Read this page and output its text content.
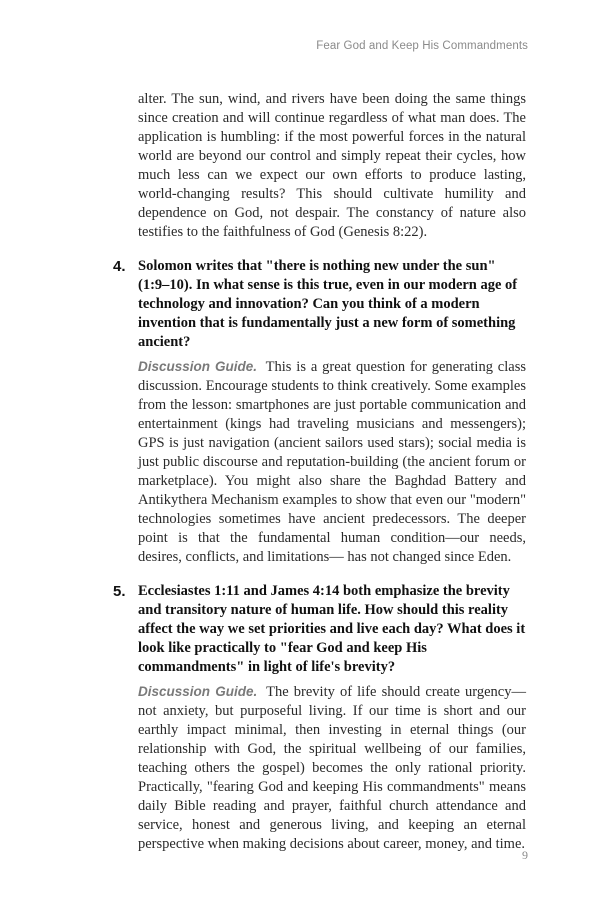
Fear God and Keep His Commandments

alter. The sun, wind, and rivers have been doing the same things since creation and will continue regardless of what man does. The application is humbling: if the most powerful forces in the natural world are beyond our control and simply repeat their cycles, how much less can we expect our own efforts to produce lasting, world-changing results? This should cultivate humility and dependence on God, not despair. The constancy of nature also testifies to the faithfulness of God (Genesis 8:22).

4. Solomon writes that "there is nothing new under the sun" (1:9–10). In what sense is this true, even in our modern age of technology and innovation? Can you think of a modern invention that is fundamentally just a new form of something ancient?

Discussion Guide. This is a great question for generating class discussion. Encourage students to think creatively. Some examples from the lesson: smartphones are just portable communication and entertainment (kings had traveling musicians and messengers); GPS is just navigation (ancient sailors used stars); social media is just public discourse and reputation-building (the ancient forum or marketplace). You might also share the Baghdad Battery and Antikythera Mechanism examples to show that even our "modern" technologies sometimes have ancient predecessors. The deeper point is that the fundamental human condition—our needs, desires, conflicts, and limitations— has not changed since Eden.

5. Ecclesiastes 1:11 and James 4:14 both emphasize the brevity and transitory nature of human life. How should this reality affect the way we set priorities and live each day? What does it look like practically to "fear God and keep His commandments" in light of life's brevity?

Discussion Guide. The brevity of life should create urgency— not anxiety, but purposeful living. If our time is short and our earthly impact minimal, then investing in eternal things (our relationship with God, the spiritual wellbeing of our families, teaching others the gospel) becomes the only rational priority. Practically, "fearing God and keeping His commandments" means daily Bible reading and prayer, faithful church attendance and service, honest and generous living, and keeping an eternal perspective when making decisions about career, money, and time.

9
